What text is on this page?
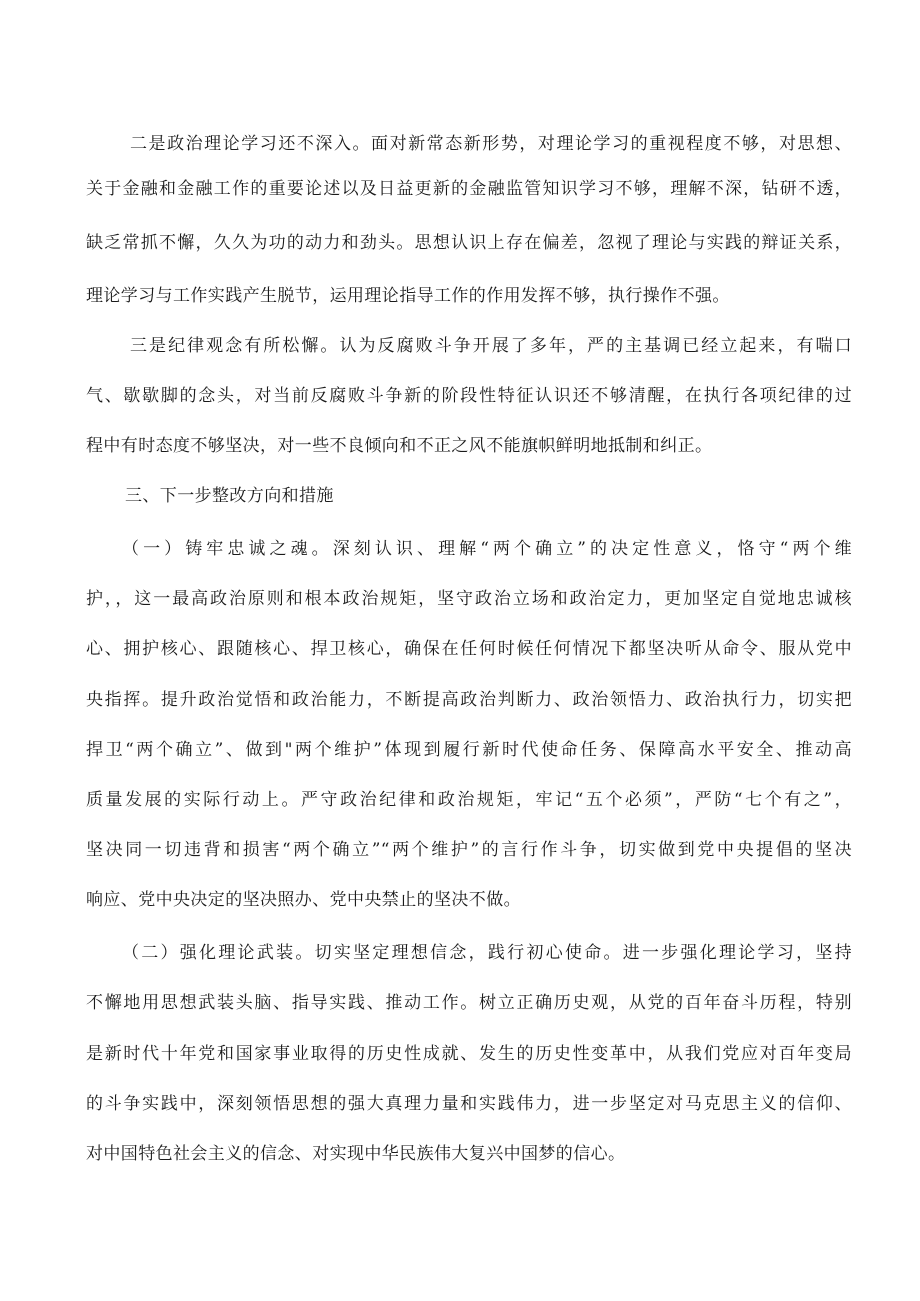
二是政治理论学习还不深入。面对新常态新形势，对理论学习的重视程度不够，对思想、
关于金融和金融工作的重要论述以及日益更新的金融监管知识学习不够，理解不深，钻研不透，
缺乏常抓不懈，久久为功的动力和劲头。思想认识上存在偏差，忽视了理论与实践的辩证关系，
理论学习与工作实践产生脱节，运用理论指导工作的作用发挥不够，执行操作不强。
三是纪律观念有所松懈。认为反腐败斗争开展了多年，严的主基调已经立起来，有喘口
气、歇歇脚的念头，对当前反腐败斗争新的阶段性特征认识还不够清醒，在执行各项纪律的过
程中有时态度不够坚决，对一些不良倾向和不正之风不能旗帜鲜明地抵制和纠正。
三、下一步整改方向和措施
（一）铸牢忠诚之魂。深刻认识、理解“两个确立”的决定性意义，恪守“两个维
护，，这一最高政治原则和根本政治规矩，坚守政治立场和政治定力，更加坚定自觉地忠诚核
心、拥护核心、跟随核心、捍卫核心，确保在任何时候任何情况下都坚决听从命令、服从党中
央指挥。提升政治觉悟和政治能力，不断提高政治判断力、政治领悟力、政治执行力，切实把
捍卫“两个确立”、做到"两个维护”体现到履行新时代使命任务、保障高水平安全、推动高
质量发展的实际行动上。严守政治纪律和政治规矩，牢记“五个必须”，严防“七个有之”，
坚决同一切违背和损害“两个确立”“两个维护”的言行作斗争，切实做到党中央提倡的坚决
响应、党中央决定的坚决照办、党中央禁止的坚决不做。
（二）强化理论武装。切实坚定理想信念，践行初心使命。进一步强化理论学习，坚持
不懈地用思想武装头脑、指导实践、推动工作。树立正确历史观，从党的百年奋斗历程，特别
是新时代十年党和国家事业取得的历史性成就、发生的历史性变革中，从我们党应对百年变局
的斗争实践中，深刻领悟思想的强大真理力量和实践伟力，进一步坚定对马克思主义的信仰、
对中国特色社会主义的信念、对实现中华民族伟大复兴中国梦的信心。
